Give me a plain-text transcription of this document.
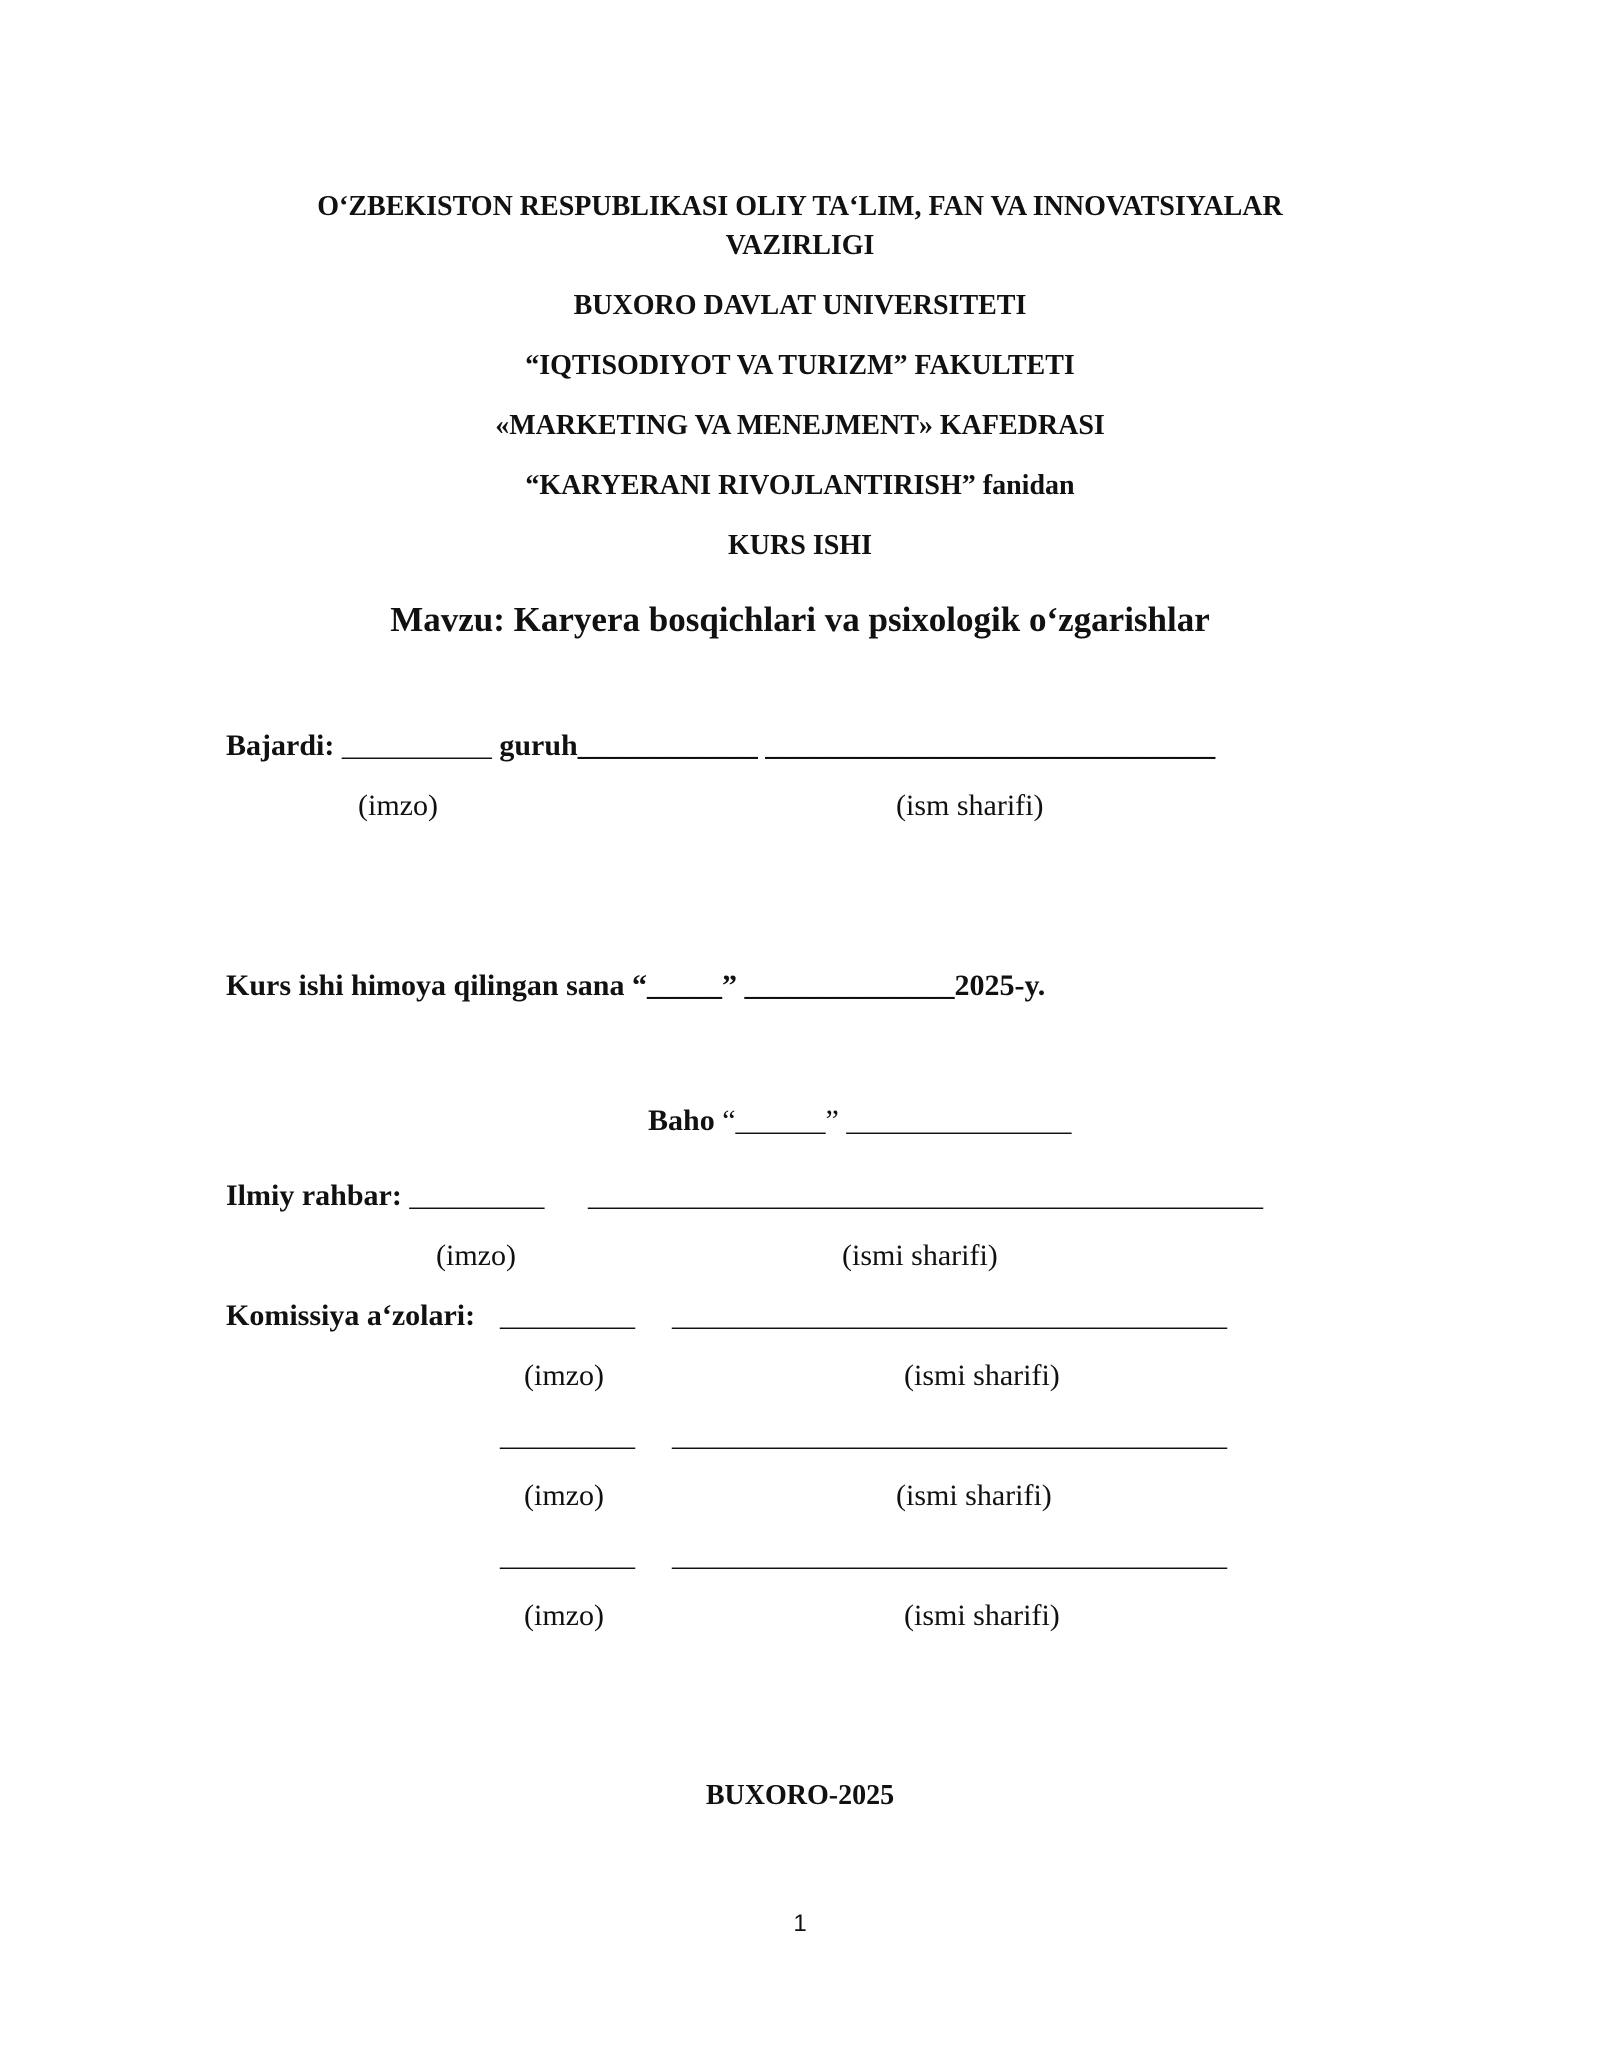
O‘ZBEKISTON RESPUBLIKASI OLIY TA‘LIM, FAN VA INNOVATSIYALAR
VAZIRLIGI
BUXORO DAVLAT UNIVERSITETI
“IQTISODIYOT VA TURIZM” FAKULTETI
«MARKETING VA MENEJMENT» KAFEDRASI
“KARYERANI RIVOJLANTIRISH” fanidan
KURS ISHI
Mavzu: Karyera bosqichlari va psixologik o‘zgarishlar
Bajardi: __________ guruh____________ ______________________________
(imzo)	(ism sharifi)
Kurs ishi himoya qilingan sana “_____” ______________2025-y.
Baho “______” _______________
Ilmiy rahbar: _________ _____________________________________________
(imzo)	(ismi sharifi)
Komissiya a‘zolari: _________ _____________________________________
(imzo)	(ismi sharifi)
_________ _____________________________________
(imzo)	(ismi sharifi)
_________ _____________________________________
(imzo)	(ismi sharifi)
BUXORO-2025
1
